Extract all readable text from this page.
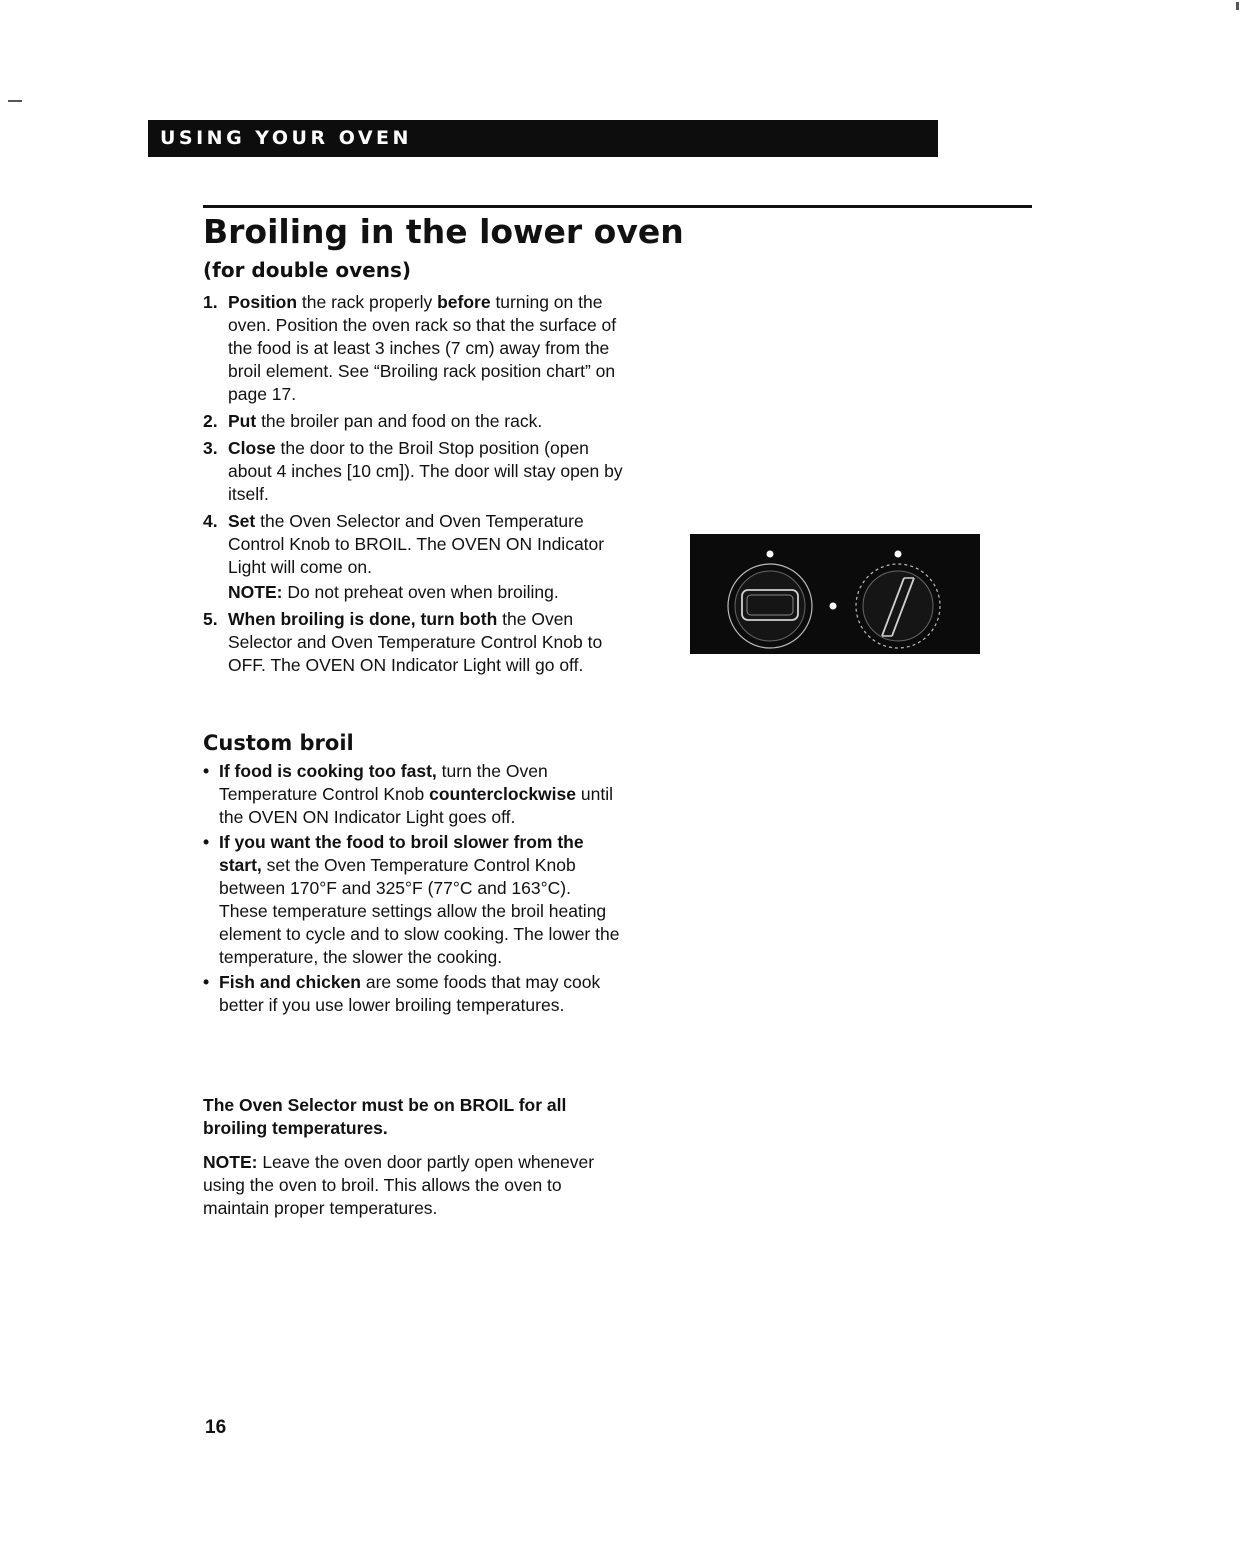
USING YOUR OVEN
Broiling in the lower oven
(for double ovens)
1. Position the rack properly before turning on the oven. Position the oven rack so that the surface of the food is at least 3 inches (7 cm) away from the broil element. See “Broiling rack position chart” on page 17.
2. Put the broiler pan and food on the rack.
3. Close the door to the Broil Stop position (open about 4 inches [10 cm]). The door will stay open by itself.
4. Set the Oven Selector and Oven Temperature Control Knob to BROIL. The OVEN ON Indicator Light will come on.
NOTE: Do not preheat oven when broiling.
5. When broiling is done, turn both the Oven Selector and Oven Temperature Control Knob to OFF. The OVEN ON Indicator Light will go off.
Custom broil
• If food is cooking too fast, turn the Oven Temperature Control Knob counterclockwise until the OVEN ON Indicator Light goes off.
• If you want the food to broil slower from the start, set the Oven Temperature Control Knob between 170°F and 325°F (77°C and 163°C). These temperature settings allow the broil heating element to cycle and to slow cooking. The lower the temperature, the slower the cooking.
• Fish and chicken are some foods that may cook better if you use lower broiling temperatures.
The Oven Selector must be on BROIL for all broiling temperatures.
NOTE: Leave the oven door partly open whenever using the oven to broil. This allows the oven to maintain proper temperatures.
16
